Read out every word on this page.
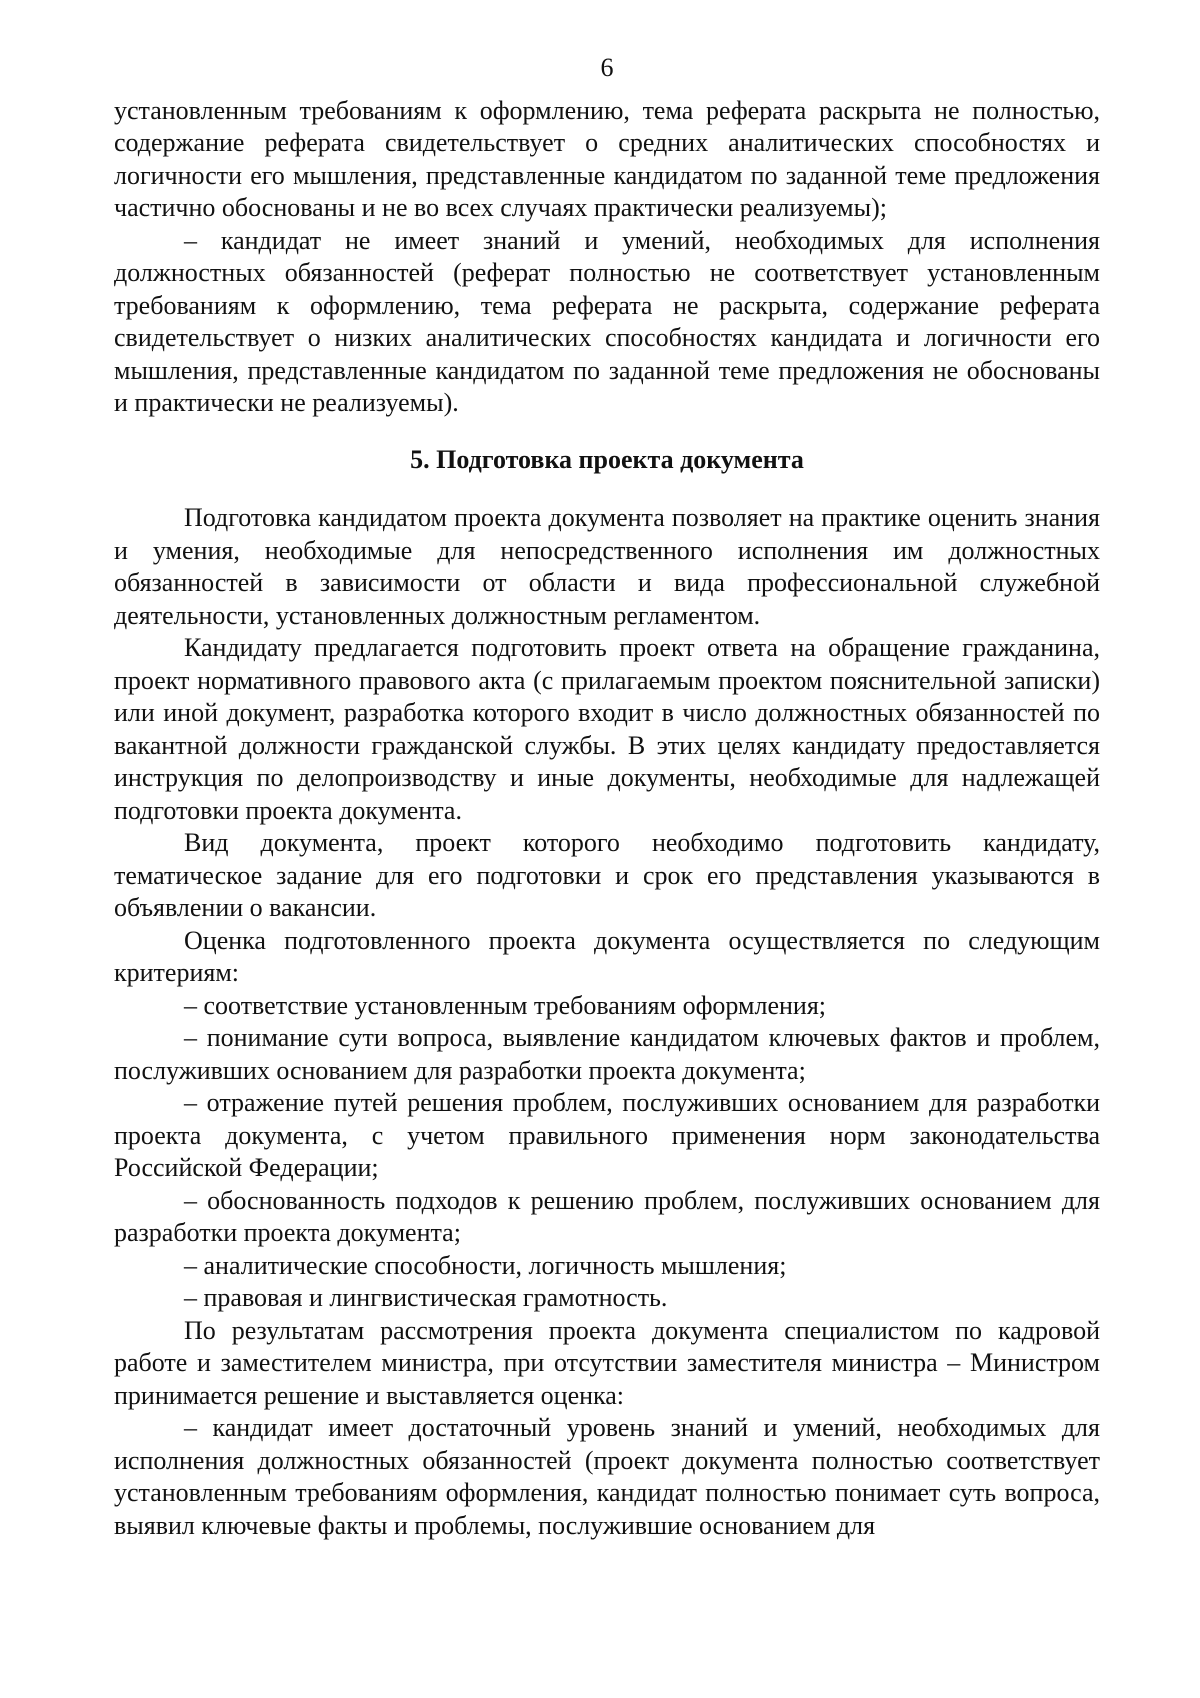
6

установленным требованиям к оформлению, тема реферата раскрыта не полностью, содержание реферата свидетельствует о средних аналитических способностях и логичности его мышления, представленные кандидатом по заданной теме предложения частично обоснованы и не во всех случаях практически реализуемы);

– кандидат не имеет знаний и умений, необходимых для исполнения должностных обязанностей (реферат полностью не соответствует установленным требованиям к оформлению, тема реферата не раскрыта, содержание реферата свидетельствует о низких аналитических способностях кандидата и логичности его мышления, представленные кандидатом по заданной теме предложения не обоснованы и практически не реализуемы).

5. Подготовка проекта документа

Подготовка кандидатом проекта документа позволяет на практике оценить знания и умения, необходимые для непосредственного исполнения им должностных обязанностей в зависимости от области и вида профессиональной служебной деятельности, установленных должностным регламентом.

Кандидату предлагается подготовить проект ответа на обращение гражданина, проект нормативного правового акта (с прилагаемым проектом пояснительной записки) или иной документ, разработка которого входит в число должностных обязанностей по вакантной должности гражданской службы. В этих целях кандидату предоставляется инструкция по делопроизводству и иные документы, необходимые для надлежащей подготовки проекта документа.

Вид документа, проект которого необходимо подготовить кандидату, тематическое задание для его подготовки и срок его представления указываются в объявлении о вакансии.

Оценка подготовленного проекта документа осуществляется по следующим критериям:

– соответствие установленным требованиям оформления;

– понимание сути вопроса, выявление кандидатом ключевых фактов и проблем, послуживших основанием для разработки проекта документа;

– отражение путей решения проблем, послуживших основанием для разработки проекта документа, с учетом правильного применения норм законодательства Российской Федерации;

– обоснованность подходов к решению проблем, послуживших основанием для разработки проекта документа;

– аналитические способности, логичность мышления;

– правовая и лингвистическая грамотность.

По результатам рассмотрения проекта документа специалистом по кадровой работе и заместителем министра, при отсутствии заместителя министра – Министром принимается решение и выставляется оценка:

– кандидат имеет достаточный уровень знаний и умений, необходимых для исполнения должностных обязанностей (проект документа полностью соответствует установленным требованиям оформления, кандидат полностью понимает суть вопроса, выявил ключевые факты и проблемы, послужившие основанием для
